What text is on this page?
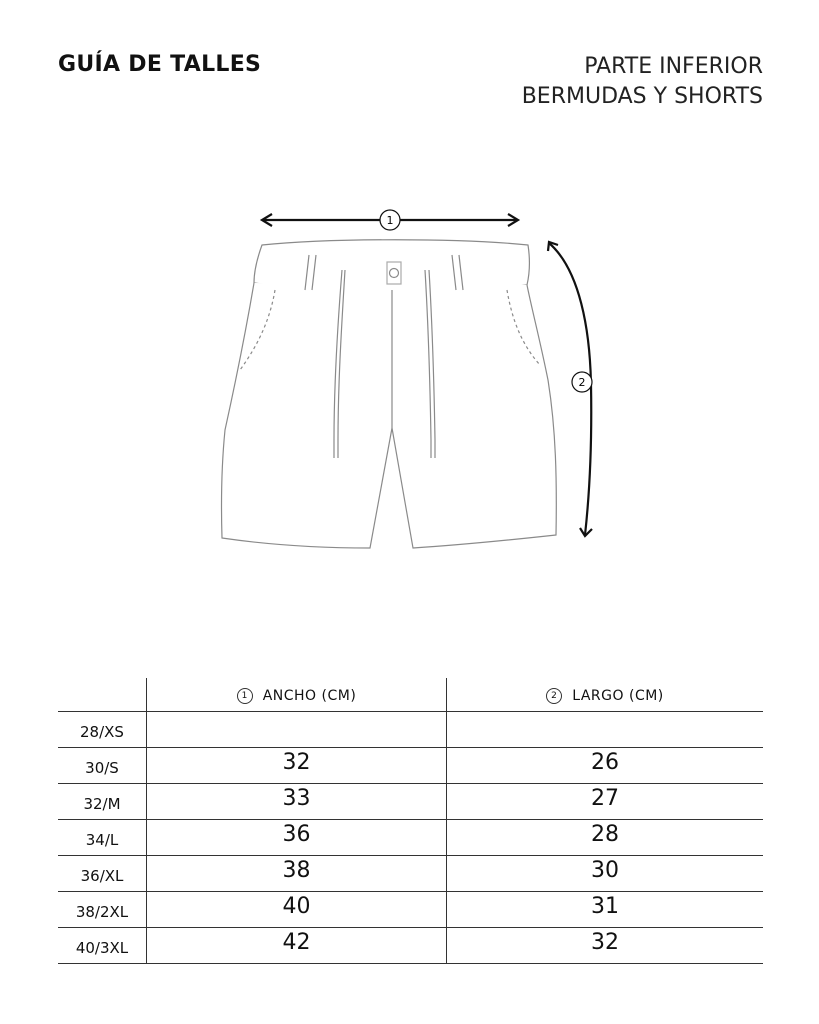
GUÍA DE TALLES	PARTE INFERIOR
BERMUDAS Y SHORTS
1
2

	1 ANCHO (CM)	2 LARGO (CM)

28/XS		
30/S	32	26
32/M	33	27
34/L	36	28
36/XL	38	30
38/2XL	40	31
40/3XL	42	32
